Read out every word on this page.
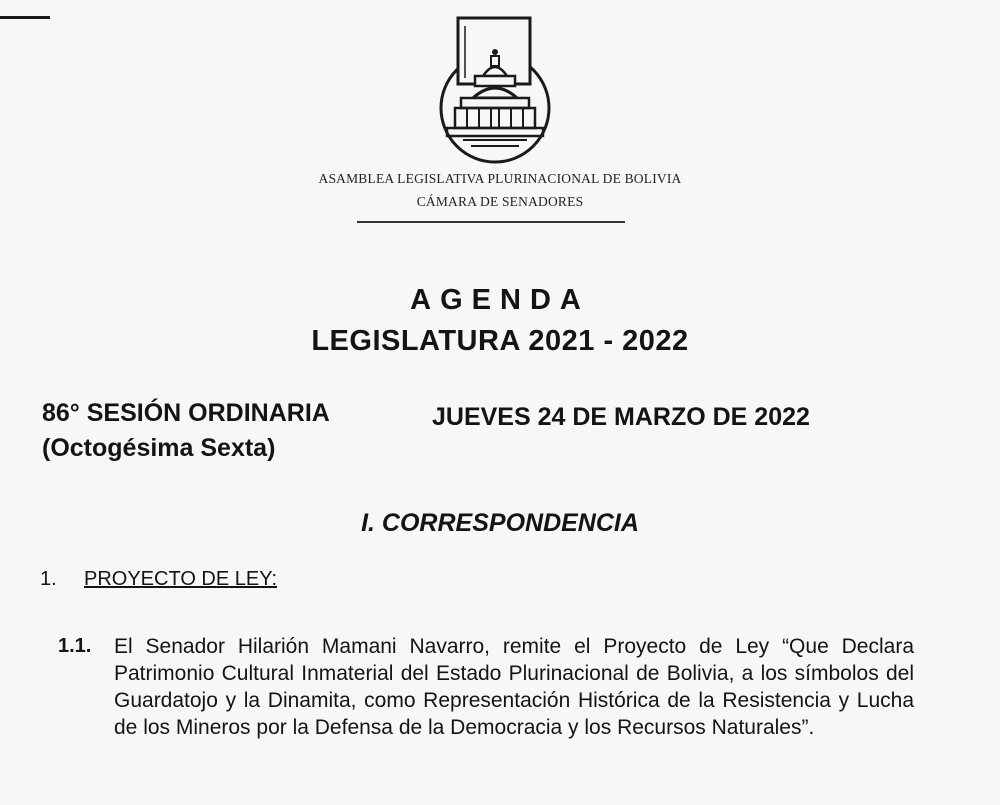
ASAMBLEA LEGISLATIVA PLURINACIONAL DE BOLIVIA
CÁMARA DE SENADORES
AGENDA
LEGISLATURA 2021 - 2022
86° SESIÓN ORDINARIA
(Octogésima Sexta)
JUEVES 24 DE MARZO DE 2022
I. CORRESPONDENCIA
1. PROYECTO DE LEY:
1.1. El Senador Hilarión Mamani Navarro, remite el Proyecto de Ley “Que Declara Patrimonio Cultural Inmaterial del Estado Plurinacional de Bolivia, a los símbolos del Guardatojo y la Dinamita, como Representación Histórica de la Resistencia y Lucha de los Mineros por la Defensa de la Democracia y los Recursos Naturales”.
